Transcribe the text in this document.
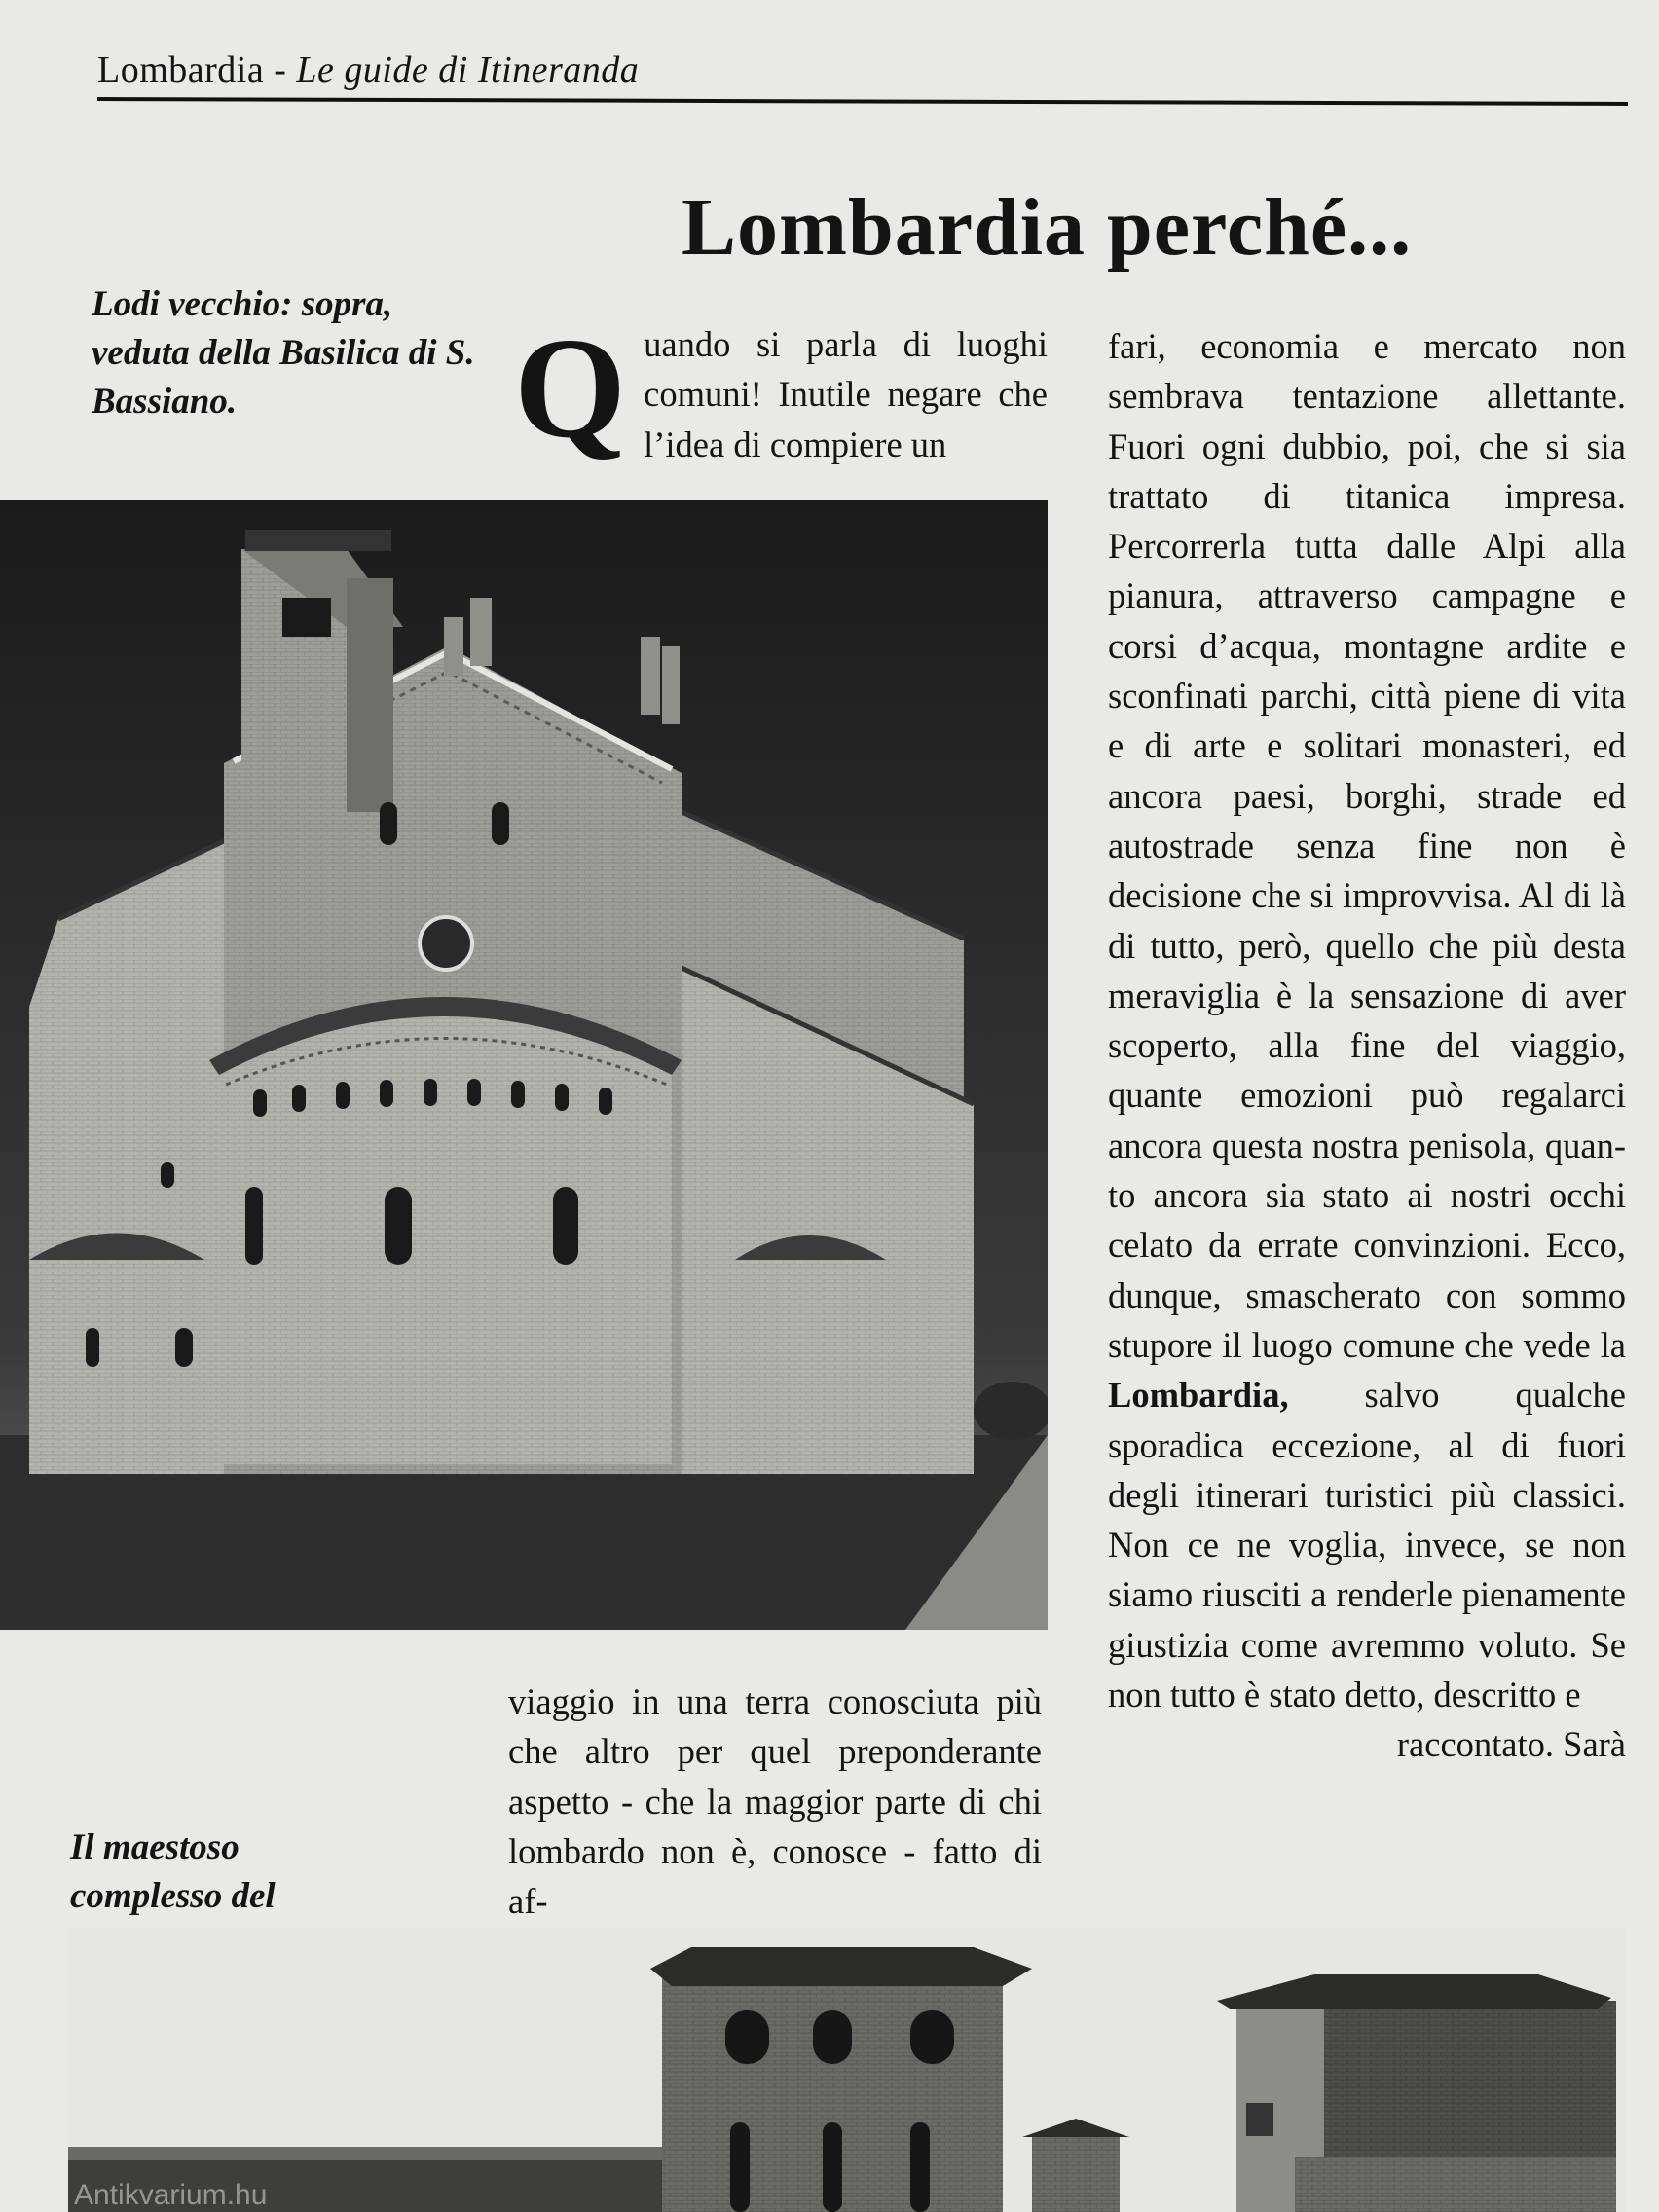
Lombardia - Le guide di Itineranda
Lombardia perché...
Lodi vecchio: sopra, veduta della Basilica di S. Bassiano.	Q uando si parla di luoghi comuni! Inutile negare che l’idea di compiere un

viaggio in una terra conosciuta più che altro per quel preponderante aspetto - che la maggior parte di chi lombardo non è, conosce - fatto di af-

fari, economia e mercato non sembrava tentazione allettante. Fuori ogni dubbio, poi, che si sia trattato di titanica impresa. Percorrerla tutta dalle Alpi alla pianura, attraverso campagne e corsi d’acqua, montagne ardite e sconfinati parchi, città piene di vita e di arte e solitari monasteri, ed ancora paesi, borghi, strade ed autostrade senza fine non è decisione che si improvvisa. Al di là di tutto, però, quello che più desta meraviglia è la sensazione di aver scoperto, alla fine del viaggio, quante emozioni può regalarci ancora questa nostra penisola, quanto ancora sia stato ai nostri occhi celato da errate convinzioni. Ecco, dunque, smascherato con sommo stupore il luogo comune che vede la Lombardia, salvo qualche sporadica eccezione, al di fuori degli itinerari turistici più classici. Non ce ne voglia, invece, se non siamo riusciti a renderle pienamente giustizia come avremmo voluto. Se non tutto è stato detto, descritto e

raccontato. Sarà

Il maestoso complesso del
Antikvarium.hu
